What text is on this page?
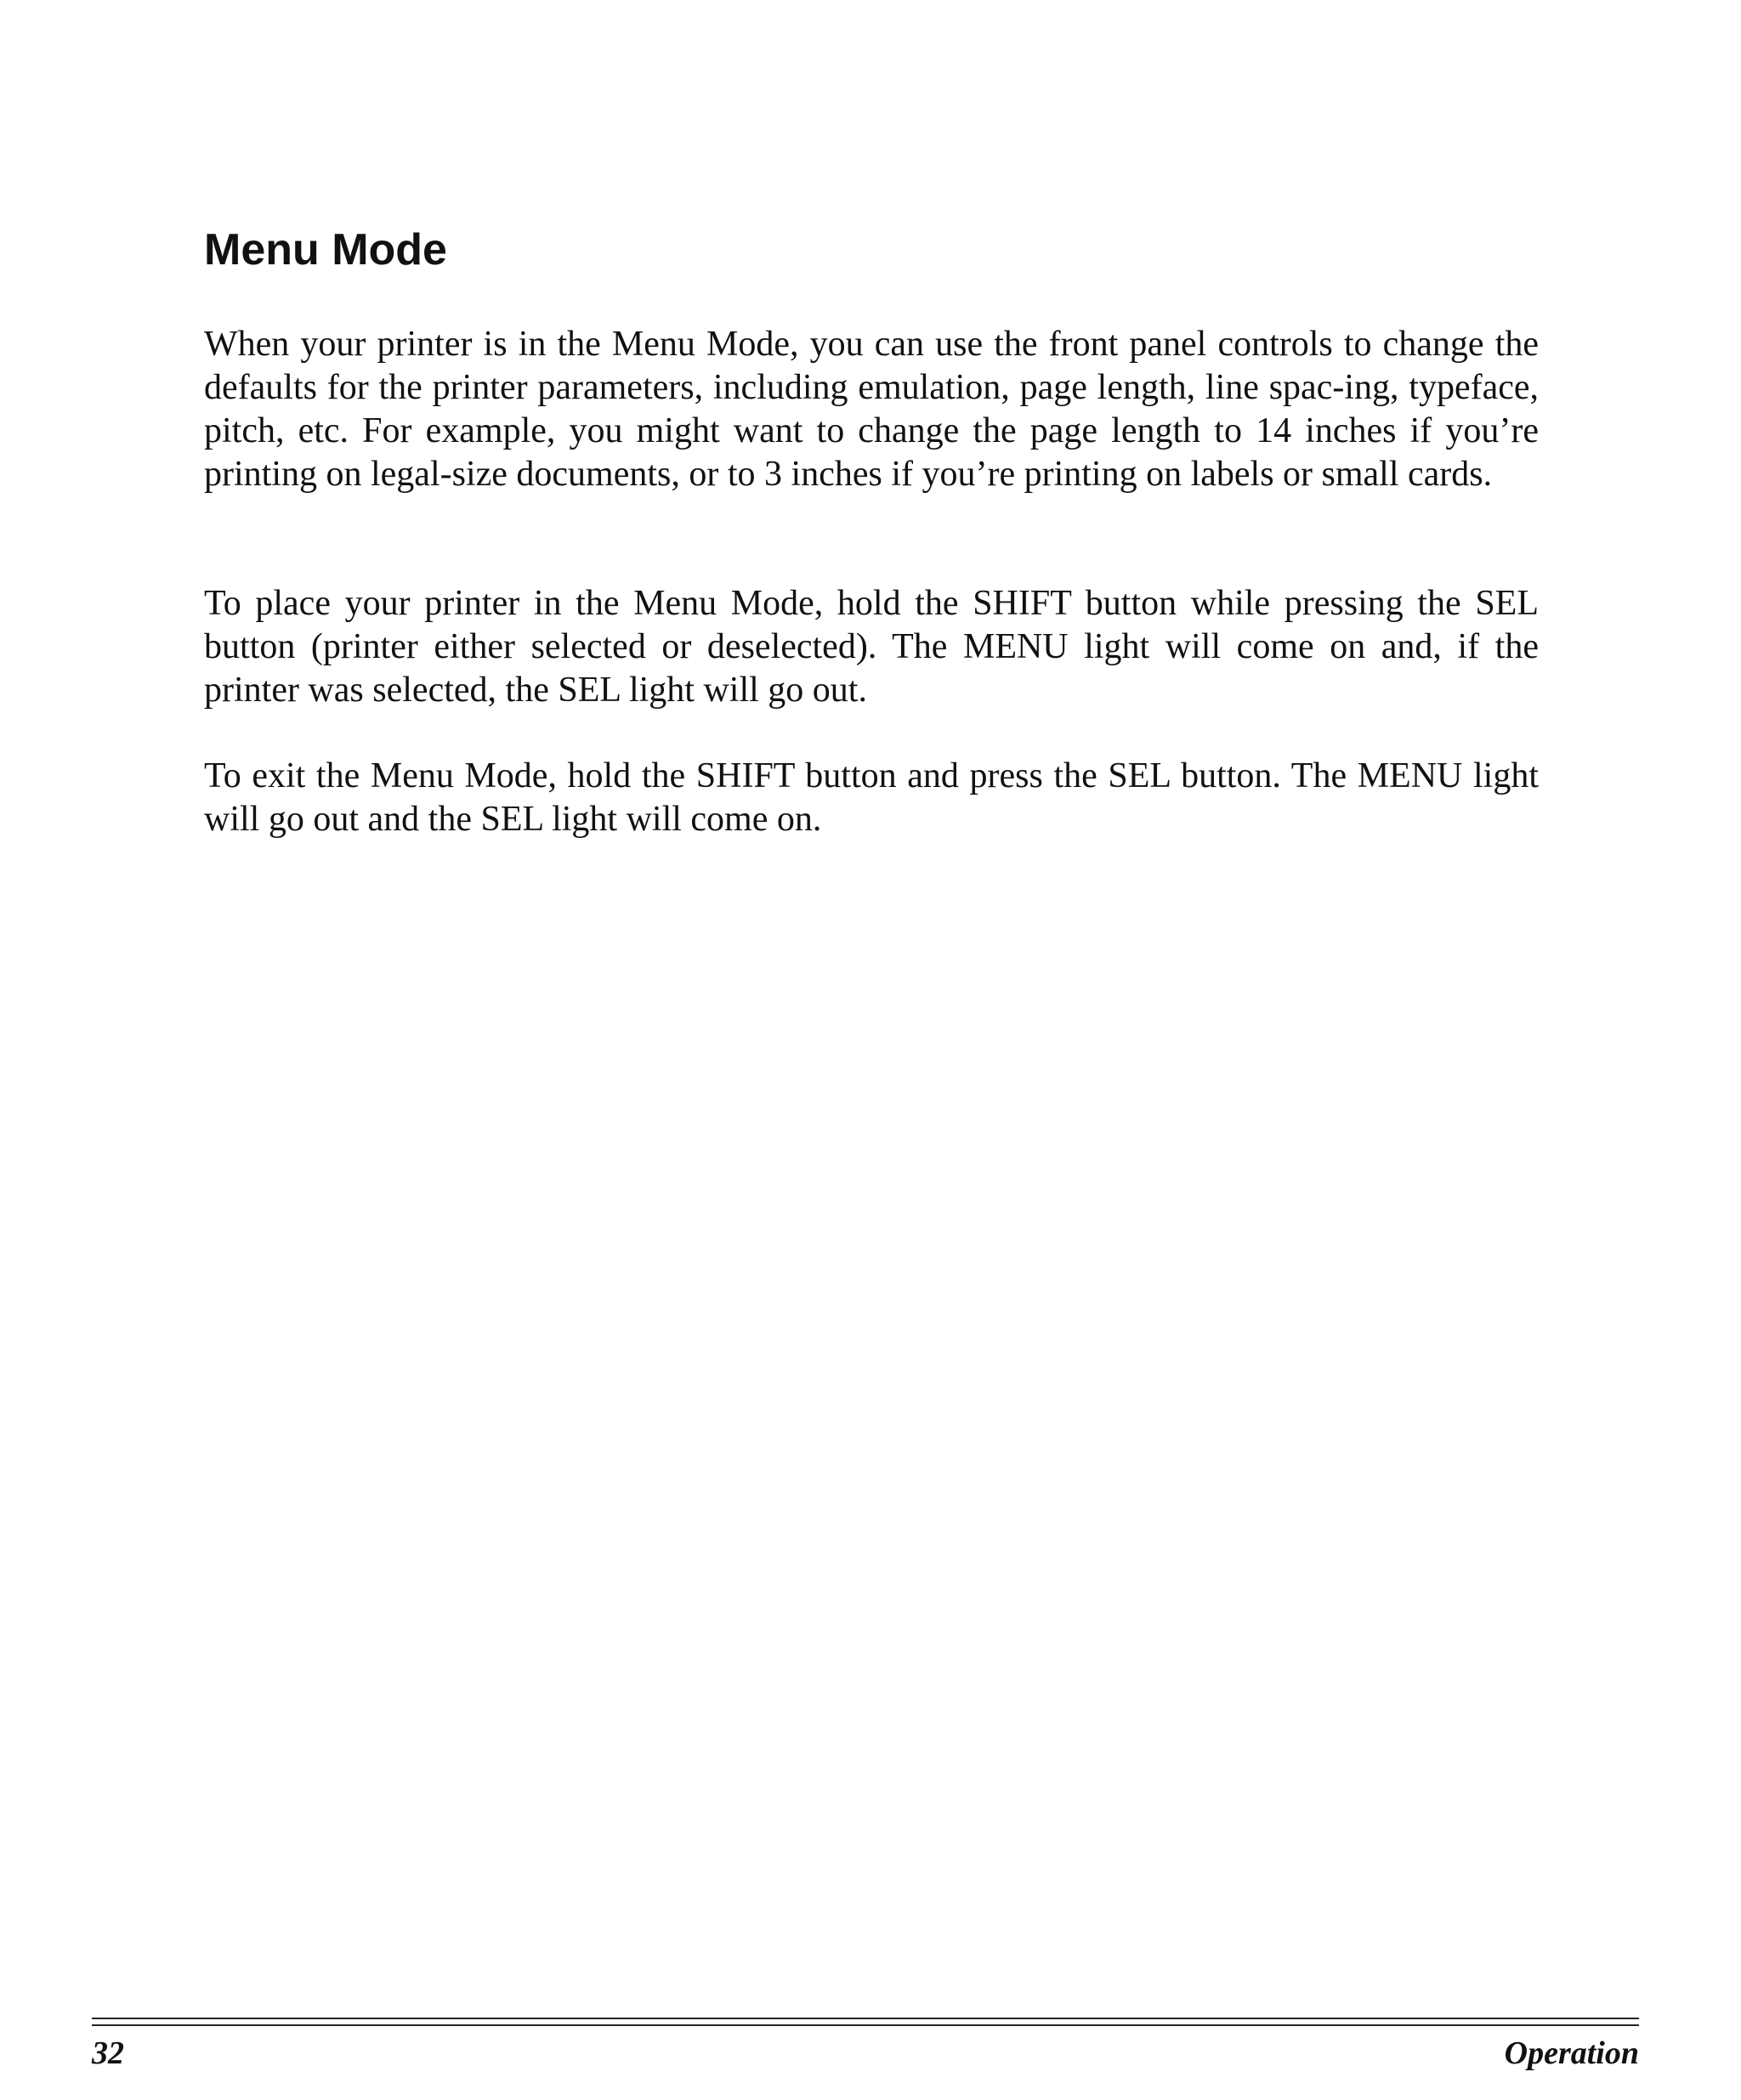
Menu Mode

When your printer is in the Menu Mode, you can use the front panel controls to change the defaults for the printer parameters, including emulation, page length, line spac-ing, typeface, pitch, etc. For example, you might want to change the page length to 14 inches if you’re printing on legal-size documents, or to 3 inches if you’re printing on labels or small cards.

To place your printer in the Menu Mode, hold the SHIFT button while pressing the SEL button (printer either selected or deselected). The MENU light will come on and, if the printer was selected, the SEL light will go out.

To exit the Menu Mode, hold the SHIFT button and press the SEL button. The MENU light will go out and the SEL light will come on.

32	Operation
